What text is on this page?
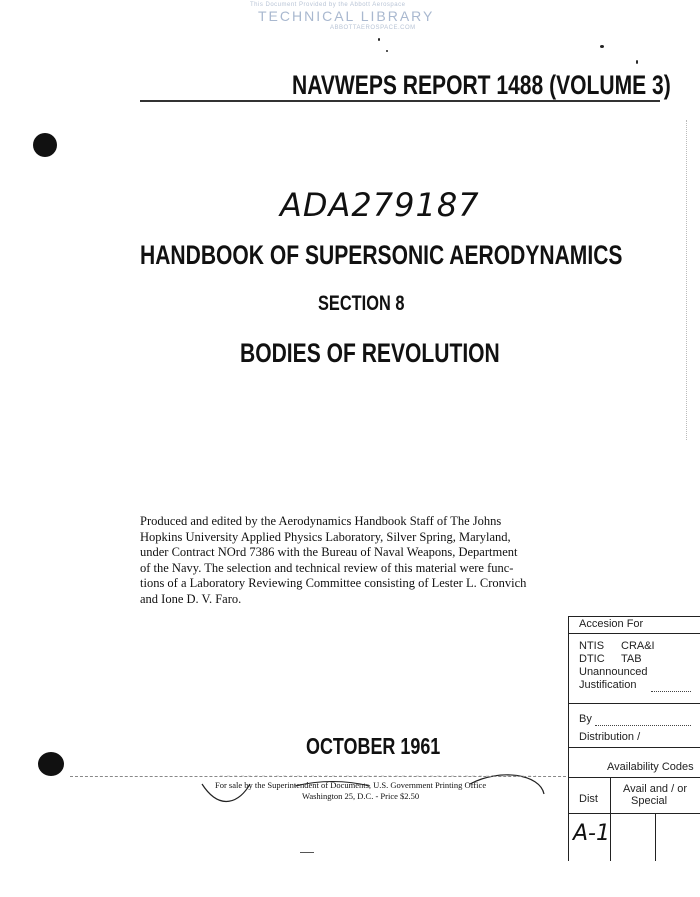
This Document Provided by the Abbott Aerospace
TECHNICAL LIBRARY
ABBOTTAEROSPACE.COM
NAVWEPS REPORT 1488 (VOLUME 3)
ADA279187
HANDBOOK OF SUPERSONIC AERODYNAMICS
SECTION 8
BODIES OF REVOLUTION
Produced and edited by the Aerodynamics Handbook Staff of The Johns
Hopkins University Applied Physics Laboratory, Silver Spring, Maryland,
under Contract NOrd 7386 with the Bureau of Naval Weapons, Department
of the Navy. The selection and technical review of this material were func-
tions of a Laboratory Reviewing Committee consisting of Lester L. Cronvich
and Ione D. V. Faro.
OCTOBER 1961
For sale by the Superintendent of Documents, U.S. Government Printing Office
Washington 25, D.C. - Price $2.50
Accesion For
NTIS CRA&I
DTIC TAB
Unannounced
Justification
By
Distribution /
Availability Codes
Dist
Avail and / or
Special
A-1
